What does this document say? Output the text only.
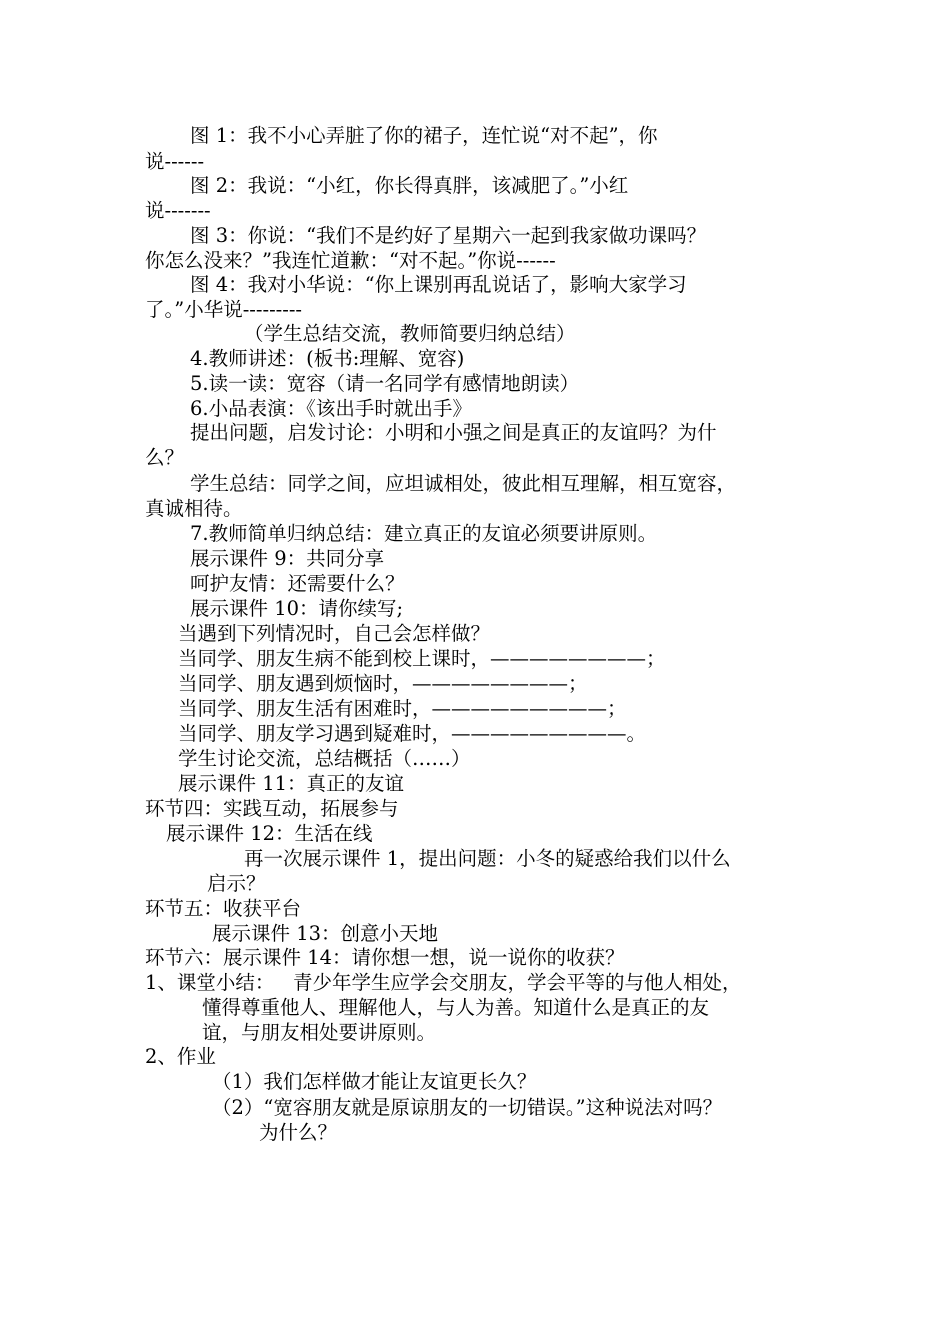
图 1：我不小心弄脏了你的裙子，连忙说“对不起”，你
说------
图 2：我说：“小红，你长得真胖，该减肥了。”小红
说-------
图 3：你说：“我们不是约好了星期六一起到我家做功课吗？
你怎么没来？”我连忙道歉：“对不起。”你说------
图 4：我对小华说：“你上课别再乱说话了，影响大家学习
了。”小华说---------
（学生总结交流，教师简要归纳总结）
4.教师讲述：(板书:理解、宽容)
5.读一读：宽容（请一名同学有感情地朗读）
6.小品表演：《该出手时就出手》
提出问题，启发讨论：小明和小强之间是真正的友谊吗？为什
么？
学生总结：同学之间，应坦诚相处，彼此相互理解，相互宽容，
真诚相待。
7.教师简单归纳总结：建立真正的友谊必须要讲原则。
展示课件 9：共同分享
呵护友情：还需要什么？
展示课件 10：请你续写;
当遇到下列情况时，自己会怎样做？
当同学、朋友生病不能到校上课时，————————；
当同学、朋友遇到烦恼时，————————；
当同学、朋友生活有困难时，—————————；
当同学、朋友学习遇到疑难时，—————————。
学生讨论交流，总结概括（……）
展示课件 11：真正的友谊
环节四：实践互动，拓展参与
展示课件 12：生活在线
再一次展示课件 1，提出问题：小冬的疑惑给我们以什么
启示？
环节五：收获平台
展示课件 13：创意小天地
环节六：展示课件 14：请你想一想，说一说你的收获？
1、课堂小结：   青少年学生应学会交朋友，学会平等的与他人相处，
懂得尊重他人、理解他人，与人为善。知道什么是真正的友
谊，与朋友相处要讲原则。
2、作业
（1）我们怎样做才能让友谊更长久？
（2）“宽容朋友就是原谅朋友的一切错误。”这种说法对吗？
为什么？
